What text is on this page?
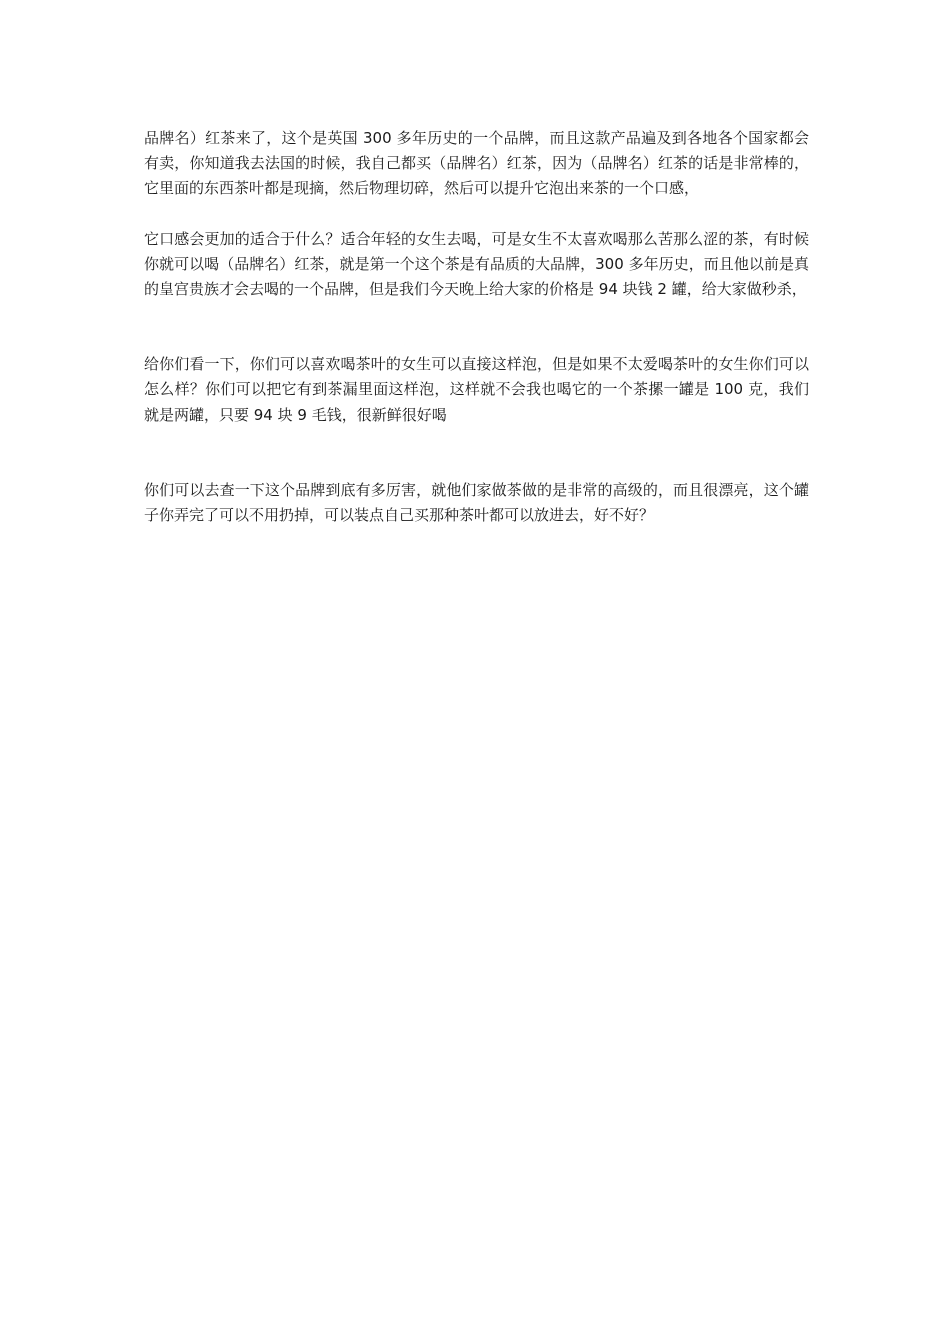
品牌名）红茶来了，这个是英国 300 多年历史的一个品牌，而且这款产品遍及到各地各个国家都会有卖，你知道我去法国的时候，我自己都买（品牌名）红茶，因为（品牌名）红茶的话是非常棒的，它里面的东西茶叶都是现摘，然后物理切碎，然后可以提升它泡出来茶的一个口感，

它口感会更加的适合于什么？适合年轻的女生去喝，可是女生不太喜欢喝那么苦那么涩的茶，有时候你就可以喝（品牌名）红茶，就是第一个这个茶是有品质的大品牌，300 多年历史，而且他以前是真的皇宫贵族才会去喝的一个品牌，但是我们今天晚上给大家的价格是 94 块钱 2 罐，给大家做秒杀，

给你们看一下，你们可以喜欢喝茶叶的女生可以直接这样泡，但是如果不太爱喝茶叶的女生你们可以怎么样？你们可以把它有到茶漏里面这样泡，这样就不会我也喝它的一个茶摞一罐是 100 克，我们就是两罐，只要 94 块 9 毛钱，很新鲜很好喝

你们可以去查一下这个品牌到底有多厉害，就他们家做茶做的是非常的高级的，而且很漂亮，这个罐子你弄完了可以不用扔掉，可以装点自己买那种茶叶都可以放进去，好不好？
